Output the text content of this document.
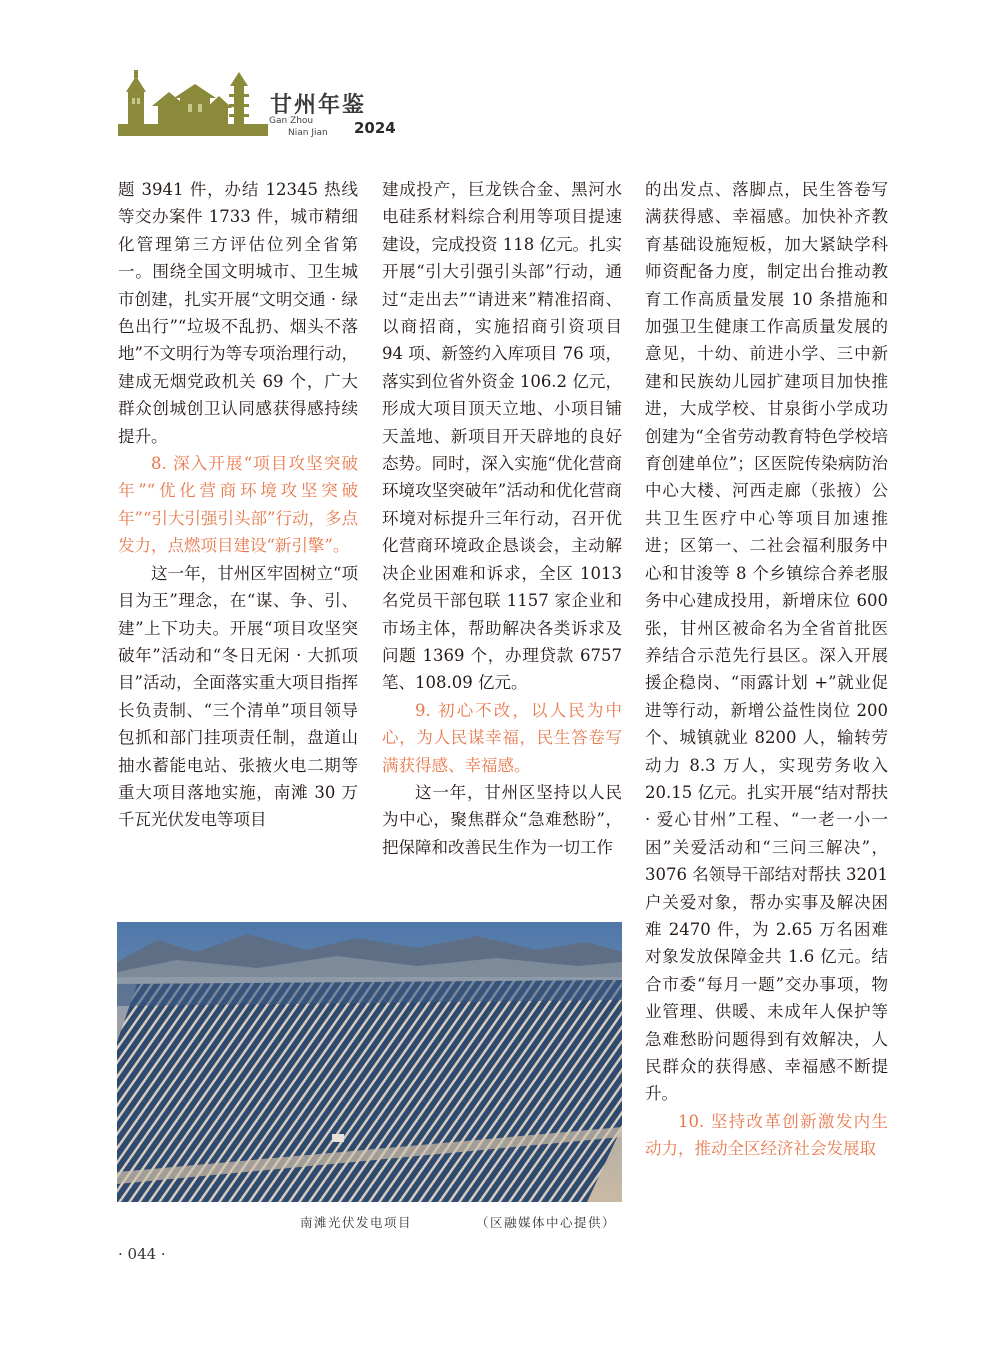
甘州年鉴
Gan Zhou
Nian Jian 2024

题 3941 件，办结 12345 热线等交办案件 1733 件，城市精细化管理第三方评估位列全省第一。围绕全国文明城市、卫生城市创建，扎实开展“文明交通 · 绿色出行”“垃圾不乱扔、烟头不落地”不文明行为等专项治理行动，建成无烟党政机关 69 个，广大群众创城创卫认同感获得感持续提升。

8. 深入开展“项目攻坚突破年”“优化营商环境攻坚突破年”“引大引强引头部”行动，多点发力，点燃项目建设“新引擎”。

这一年，甘州区牢固树立“项目为王”理念，在“谋、争、引、建”上下功夫。开展“项目攻坚突破年”活动和“冬日无闲 · 大抓项目”活动，全面落实重大项目指挥长负责制、“三个清单”项目领导包抓和部门挂项责任制，盘道山抽水蓄能电站、张掖火电二期等重大项目落地实施，南滩 30 万千瓦光伏发电等项目

建成投产，巨龙铁合金、黑河水电硅系材料综合利用等项目提速建设，完成投资 118 亿元。扎实开展“引大引强引头部”行动，通过“走出去”“请进来”精准招商、以商招商，实施招商引资项目 94 项、新签约入库项目 76 项，落实到位省外资金 106.2 亿元，形成大项目顶天立地、小项目铺天盖地、新项目开天辟地的良好态势。同时，深入实施“优化营商环境攻坚突破年”活动和优化营商环境对标提升三年行动，召开优化营商环境政企恳谈会，主动解决企业困难和诉求，全区 1013 名党员干部包联 1157 家企业和市场主体，帮助解决各类诉求及问题 1369 个，办理贷款 6757 笔、108.09 亿元。

9. 初心不改，以人民为中心，为人民谋幸福，民生答卷写满获得感、幸福感。

这一年，甘州区坚持以人民为中心，聚焦群众“急难愁盼”，把保障和改善民生作为一切工作

的出发点、落脚点，民生答卷写满获得感、幸福感。加快补齐教育基础设施短板，加大紧缺学科师资配备力度，制定出台推动教育工作高质量发展 10 条措施和加强卫生健康工作高质量发展的意见，十幼、前进小学、三中新建和民族幼儿园扩建项目加快推进，大成学校、甘泉街小学成功创建为“全省劳动教育特色学校培育创建单位”；区医院传染病防治中心大楼、河西走廊（张掖）公共卫生医疗中心等项目加速推进；区第一、二社会福利服务中心和甘浚等 8 个乡镇综合养老服务中心建成投用，新增床位 600 张，甘州区被命名为全省首批医养结合示范先行县区。深入开展援企稳岗、“雨露计划 +”就业促进等行动，新增公益性岗位 200 个、城镇就业 8200 人，输转劳动力 8.3 万人，实现劳务收入 20.15 亿元。扎实开展“结对帮扶 · 爱心甘州”工程、“一老一小一困”关爱活动和“三问三解决”，3076 名领导干部结对帮扶 3201 户关爱对象，帮办实事及解决困难 2470 件，为 2.65 万名困难对象发放保障金共 1.6 亿元。结合市委“每月一题”交办事项，物业管理、供暖、未成年人保护等急难愁盼问题得到有效解决，人民群众的获得感、幸福感不断提升。

10. 坚持改革创新激发内生动力，推动全区经济社会发展取

南滩光伏发电项目	（区融媒体中心提供）
· 044 ·
